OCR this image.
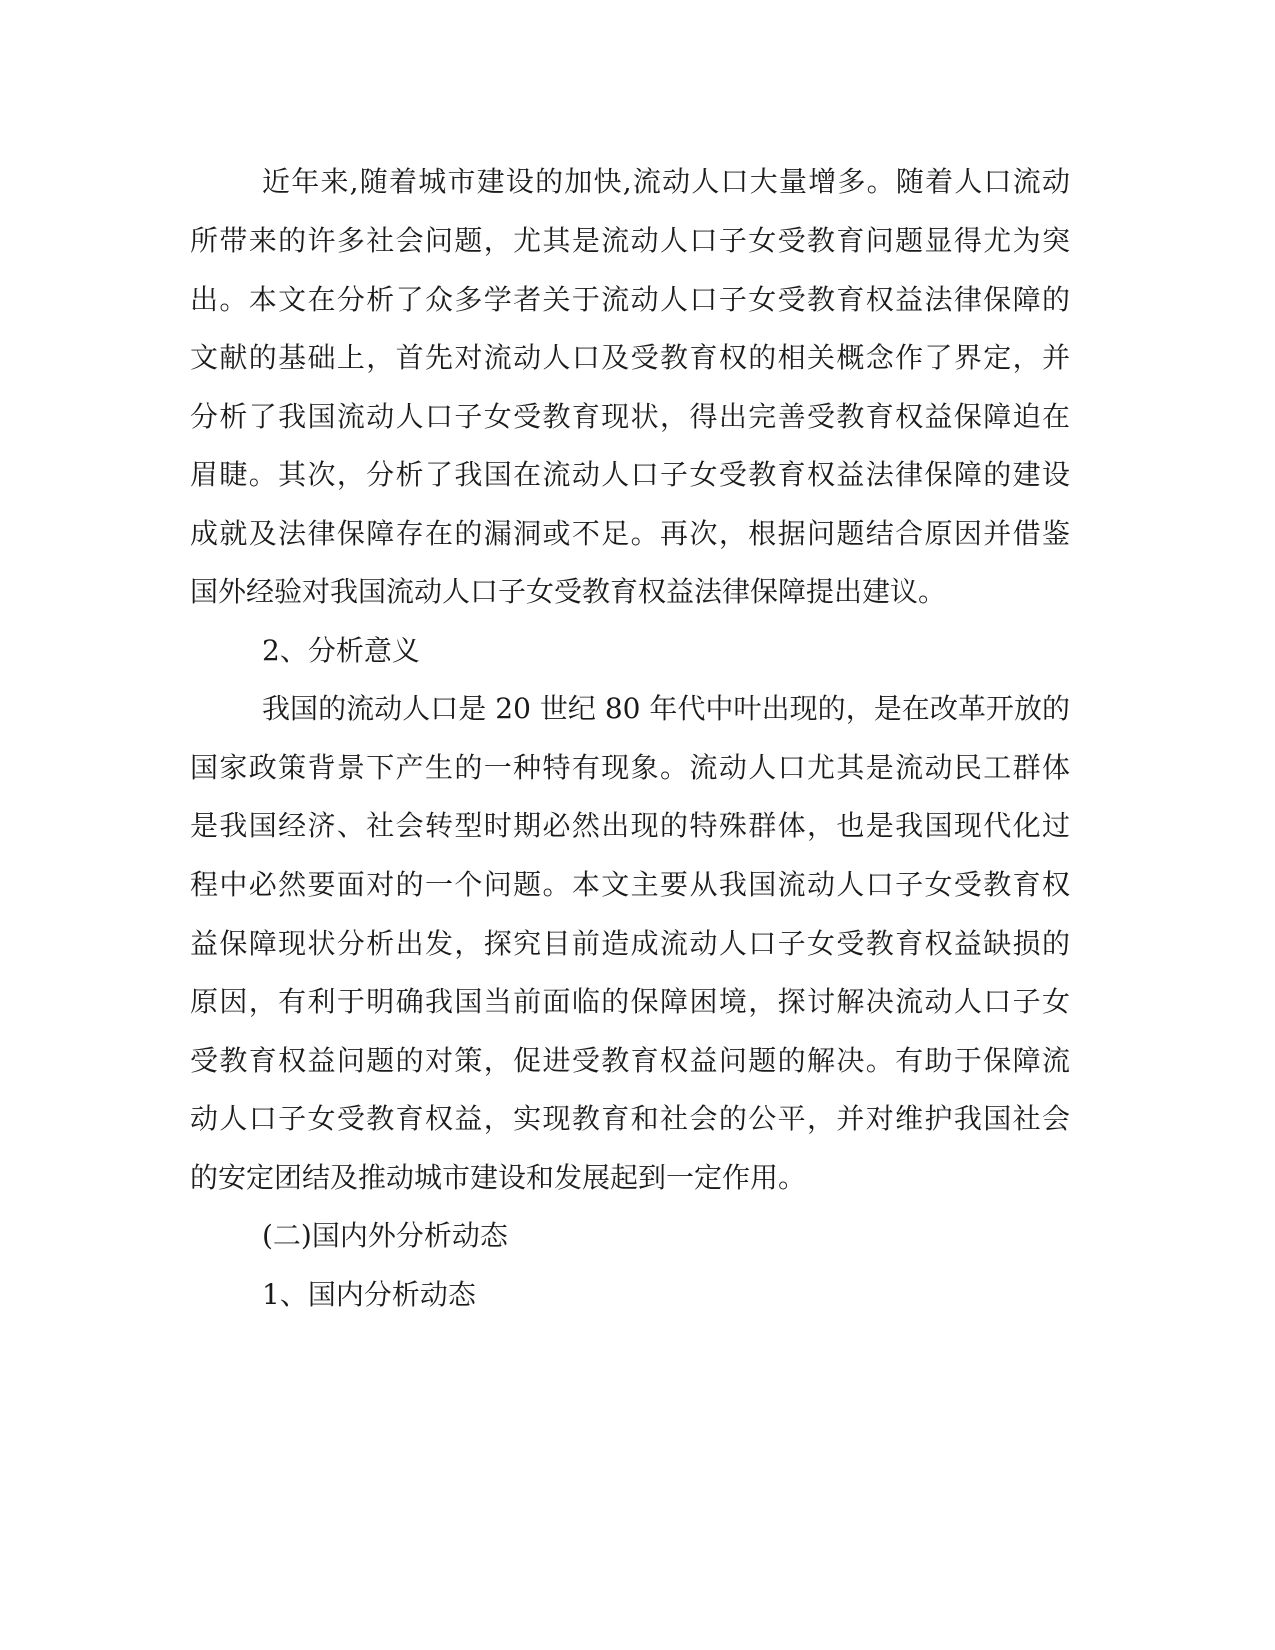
近年来,随着城市建设的加快,流动人口大量增多。随着人口流动
所带来的许多社会问题，尤其是流动人口子女受教育问题显得尤为突
出。本文在分析了众多学者关于流动人口子女受教育权益法律保障的
文献的基础上，首先对流动人口及受教育权的相关概念作了界定，并
分析了我国流动人口子女受教育现状，得出完善受教育权益保障迫在
眉睫。其次，分析了我国在流动人口子女受教育权益法律保障的建设
成就及法律保障存在的漏洞或不足。再次，根据问题结合原因并借鉴
国外经验对我国流动人口子女受教育权益法律保障提出建议。
2、分析意义
我国的流动人口是 20 世纪 80 年代中叶出现的，是在改革开放的
国家政策背景下产生的一种特有现象。流动人口尤其是流动民工群体
是我国经济、社会转型时期必然出现的特殊群体，也是我国现代化过
程中必然要面对的一个问题。本文主要从我国流动人口子女受教育权
益保障现状分析出发，探究目前造成流动人口子女受教育权益缺损的
原因，有利于明确我国当前面临的保障困境，探讨解决流动人口子女
受教育权益问题的对策，促进受教育权益问题的解决。有助于保障流
动人口子女受教育权益，实现教育和社会的公平，并对维护我国社会
的安定团结及推动城市建设和发展起到一定作用。
(二)国内外分析动态
1、国内分析动态
